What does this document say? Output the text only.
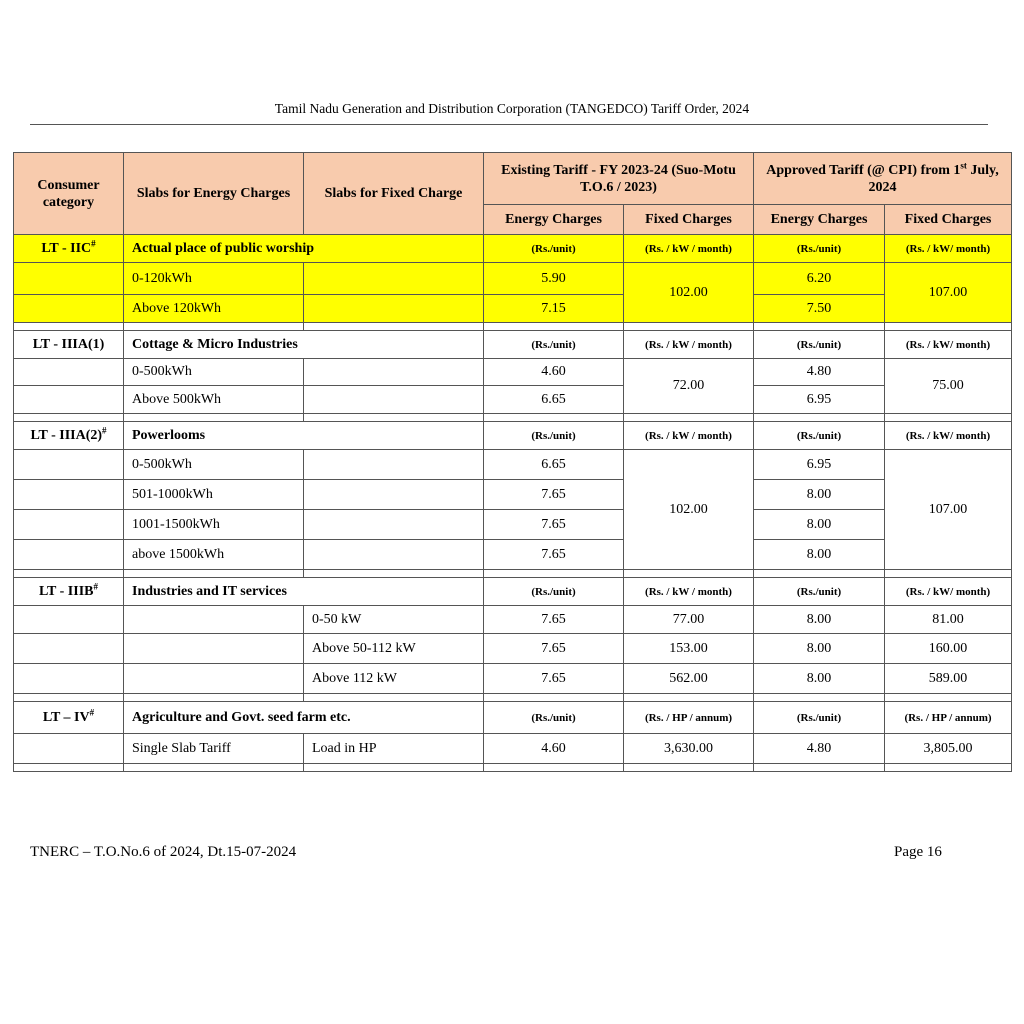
Tamil Nadu Generation and Distribution Corporation (TANGEDCO) Tariff Order, 2024
Consumer category	Slabs for Energy Charges	Slabs for Fixed Charge	Existing Tariff - FY 2023-24 (Suo-Motu T.O.6 / 2023)		Approved Tariff (@ CPI) from 1st July, 2024	
			Energy Charges	Fixed Charges	Energy Charges	Fixed Charges
LT - IIC#	Actual place of public worship		(Rs./unit)	(Rs. / kW / month)	(Rs./unit)	(Rs. / kW/ month)
	0-120kWh		5.90	102.00	6.20	107.00
	Above 120kWh		7.15		7.50	

LT - IIIA(1)	Cottage & Micro Industries		(Rs./unit)	(Rs. / kW / month)	(Rs./unit)	(Rs. / kW/ month)
	0-500kWh		4.60	72.00	4.80	75.00
	Above 500kWh		6.65		6.95	

LT - IIIA(2)#	Powerlooms		(Rs./unit)	(Rs. / kW / month)	(Rs./unit)	(Rs. / kW/ month)
	0-500kWh		6.65	102.00	6.95	107.00
	501-1000kWh		7.65		8.00	
	1001-1500kWh		7.65		8.00	
	above 1500kWh		7.65		8.00	

LT - IIIB#	Industries and IT services		(Rs./unit)	(Rs. / kW / month)	(Rs./unit)	(Rs. / kW/ month)
		0-50 kW	7.65	77.00	8.00	81.00
		Above 50-112 kW	7.65	153.00	8.00	160.00
		Above 112 kW	7.65	562.00	8.00	589.00

LT – IV#	Agriculture and Govt. seed farm etc.		(Rs./unit)	(Rs. / HP / annum)	(Rs./unit)	(Rs. / HP / annum)
	Single Slab Tariff	Load in HP	4.60	3,630.00	4.80	3,805.00

TNERC – T.O.No.6 of 2024, Dt.15-07-2024	Page 16
